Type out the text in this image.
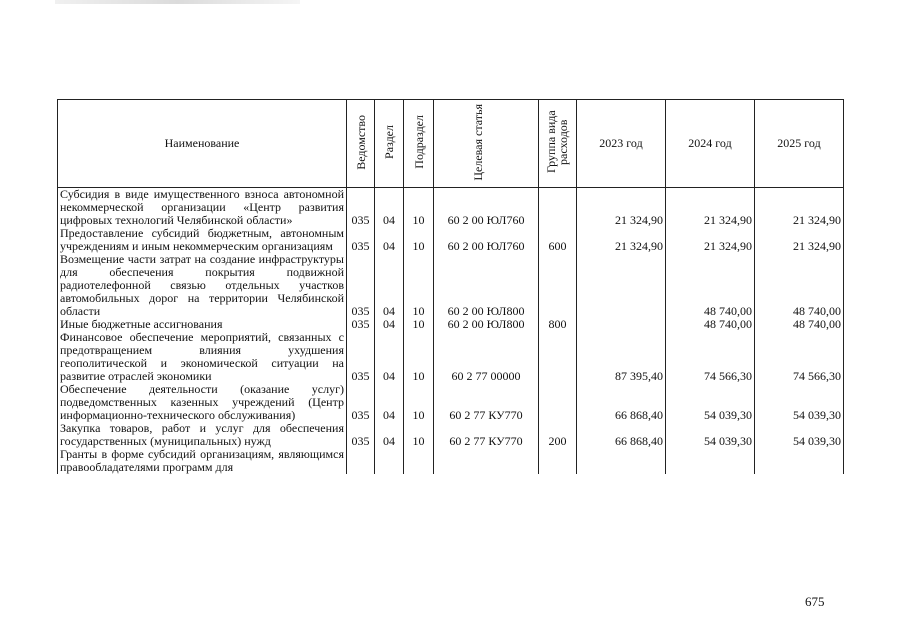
Наименование	Ведомство	Раздел	Подраздел	Целевая статья	Группа вида расходов	2023 год	2024 год	2025 год
Субсидия в виде имущественного взноса автономной некоммерческой организации «Центр развития цифровых технологий Челябинской области»	035	04	10	60 2 00 ЮЛ760		21 324,90	21 324,90	21 324,90
Предоставление субсидий бюджетным, автономным учреждениям и иным некоммерческим организациям	035	04	10	60 2 00 ЮЛ760	600	21 324,90	21 324,90	21 324,90
Возмещение части затрат на создание инфраструктуры для обеспечения покрытия подвижной радиотелефонной связью отдельных участков автомобильных дорог на территории Челябинской области	035	04	10	60 2 00 ЮЛ800			48 740,00	48 740,00
Иные бюджетные ассигнования	035	04	10	60 2 00 ЮЛ800	800		48 740,00	48 740,00
Финансовое обеспечение мероприятий, связанных с предотвращением влияния ухудшения геополитической и экономической ситуации на развитие отраслей экономики	035	04	10	60 2 77 00000		87 395,40	74 566,30	74 566,30
Обеспечение деятельности (оказание услуг) подведомственных казенных учреждений (Центр информационно-технического обслуживания)	035	04	10	60 2 77 КУ770		66 868,40	54 039,30	54 039,30
Закупка товаров, работ и услуг для обеспечения государственных (муниципальных) нужд	035	04	10	60 2 77 КУ770	200	66 868,40	54 039,30	54 039,30
Гранты в форме субсидий организациям, являющимся правообладателями программ для								
675
